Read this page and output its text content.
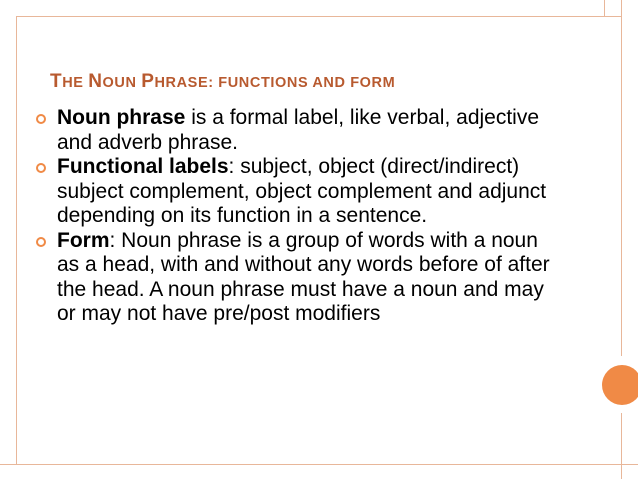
THE NOUN PHRASE: FUNCTIONS AND FORM
Noun phrase is a formal label, like verbal, adjective and adverb phrase.
Functional labels: subject, object (direct/indirect) subject complement, object complement and adjunct depending on its function in a sentence.
Form: Noun phrase is a group of words with a noun as a head, with and without any words before of after the head. A noun phrase must have a noun and may or may not have pre/post modifiers
